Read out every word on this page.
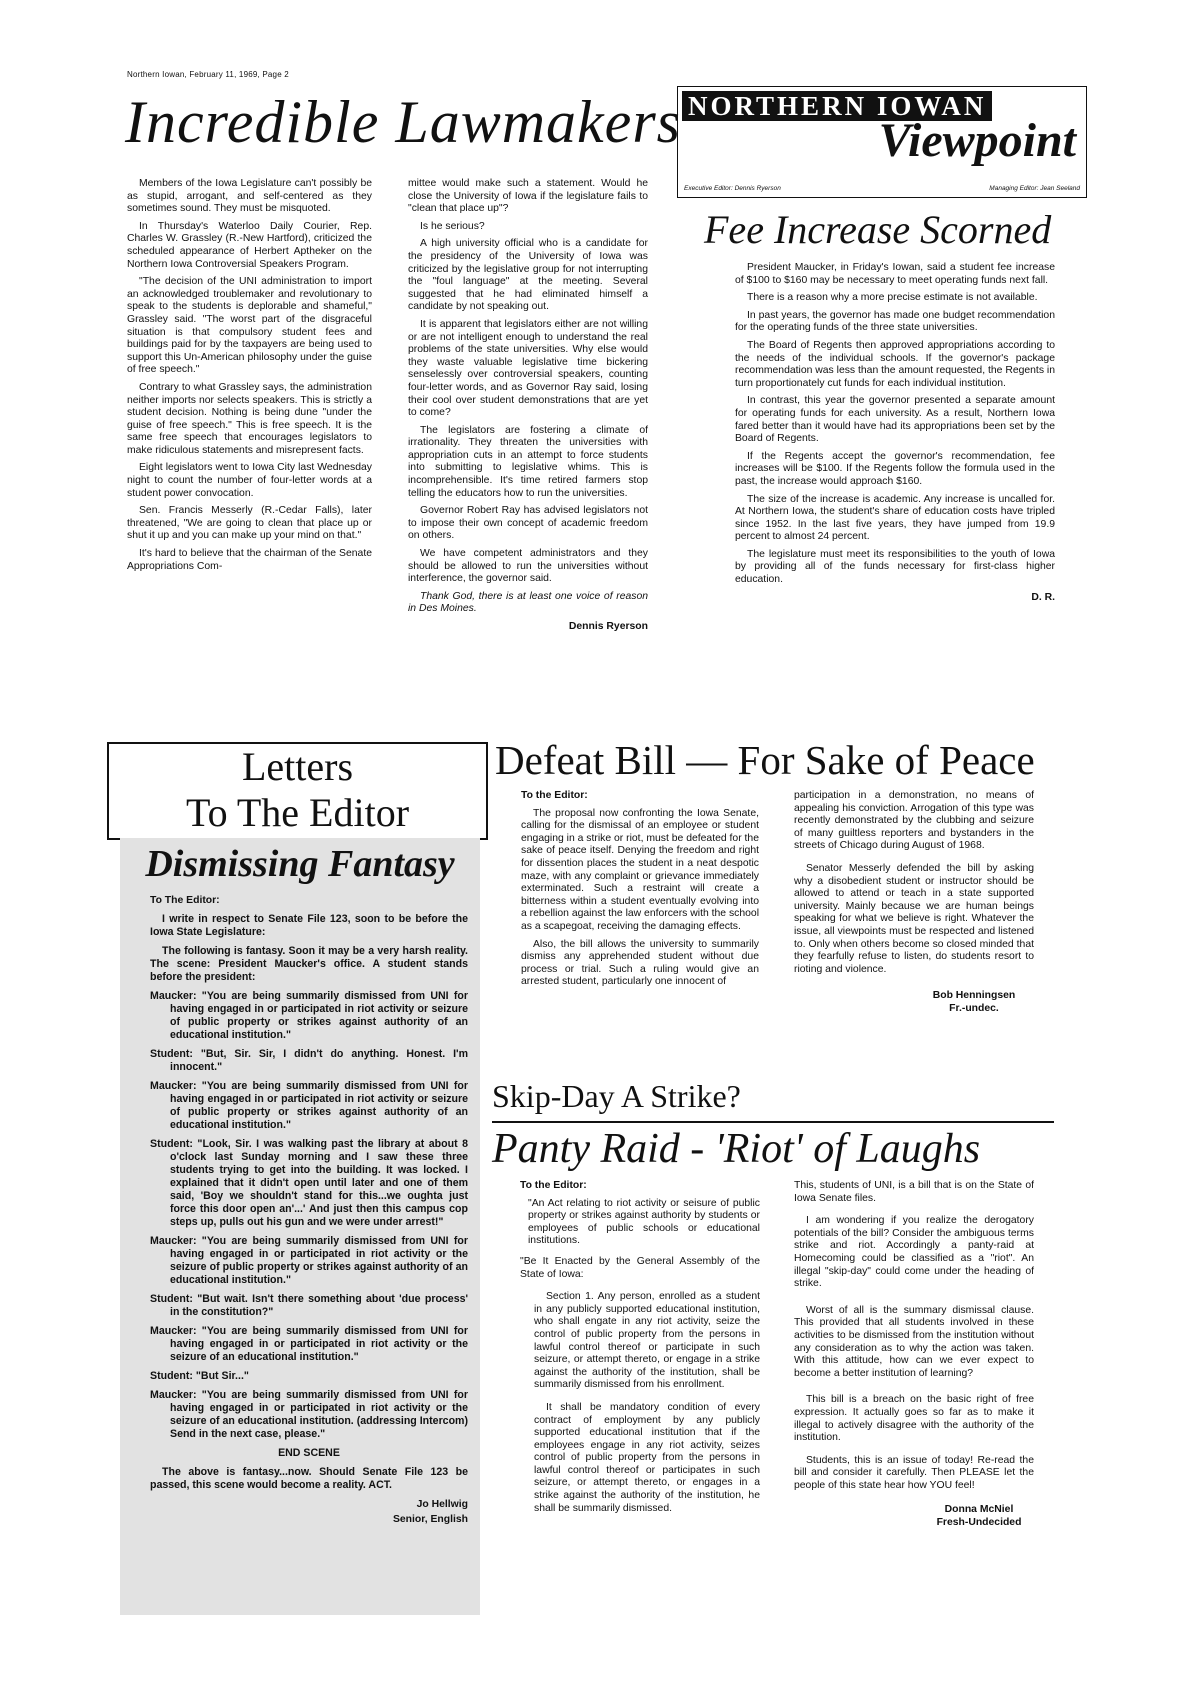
Northern Iowan, February 11, 1969, Page 2
Incredible Lawmakers

Members of the Iowa Legislature can't possibly be as stupid, arrogant, and self-centered as they sometimes sound. They must be misquoted.

In Thursday's Waterloo Daily Courier, Rep. Charles W. Grassley (R.-New Hartford), criticized the scheduled appearance of Herbert Aptheker on the Northern Iowa Controversial Speakers Program.

"The decision of the UNI administration to import an acknowledged troublemaker and revolutionary to speak to the students is deplorable and shameful," Grassley said. "The worst part of the disgraceful situation is that compulsory student fees and buildings paid for by the taxpayers are being used to support this Un-American philosophy under the guise of free speech."

Contrary to what Grassley says, the administration neither imports nor selects speakers. This is strictly a student decision. Nothing is being dune "under the guise of free speech." This is free speech. It is the same free speech that encourages legislators to make ridiculous statements and misrepresent facts.

Eight legislators went to Iowa City last Wednesday night to count the number of four-letter words at a student power convocation.

Sen. Francis Messerly (R.-Cedar Falls), later threatened, "We are going to clean that place up or shut it up and you can make up your mind on that."

It's hard to believe that the chairman of the Senate Appropriations Com-

mittee would make such a statement. Would he close the University of Iowa if the legislature fails to "clean that place up"?

Is he serious?

A high university official who is a candidate for the presidency of the University of Iowa was criticized by the legislative group for not interrupting the "foul language" at the meeting. Several suggested that he had eliminated himself a candidate by not speaking out.

It is apparent that legislators either are not willing or are not intelligent enough to understand the real problems of the state universities. Why else would they waste valuable legislative time bickering senselessly over controversial speakers, counting four-letter words, and as Governor Ray said, losing their cool over student demonstrations that are yet to come?

The legislators are fostering a climate of irrationality. They threaten the universities with appropriation cuts in an attempt to force students into submitting to legislative whims. This is incomprehensible. It's time retired farmers stop telling the educators how to run the universities.

Governor Robert Ray has advised legislators not to impose their own concept of academic freedom on others.

We have competent administrators and they should be allowed to run the universities without interference, the governor said.

Thank God, there is at least one voice of reason in Des Moines.

Dennis Ryerson
NORTHERN IOWAN
Viewpoint
Executive Editor: Dennis Ryerson	Managing Editor: Jean Seeland
Fee Increase Scorned

President Maucker, in Friday's Iowan, said a student fee increase of $100 to $160 may be necessary to meet operating funds next fall.

There is a reason why a more precise estimate is not available.

In past years, the governor has made one budget recommendation for the operating funds of the three state universities.

The Board of Regents then approved appropriations according to the needs of the individual schools. If the governor's package recommendation was less than the amount requested, the Regents in turn proportionately cut funds for each individual institution.

In contrast, this year the governor presented a separate amount for operating funds for each university. As a result, Northern Iowa fared better than it would have had its appropriations been set by the Board of Regents.

If the Regents accept the governor's recommendation, fee increases will be $100. If the Regents follow the formula used in the past, the increase would approach $160.

The size of the increase is academic. Any increase is uncalled for. At Northern Iowa, the student's share of education costs have tripled since 1952. In the last five years, they have jumped from 19.9 percent to almost 24 percent.

The legislature must meet its responsibilities to the youth of Iowa by providing all of the funds necessary for first-class higher education.

D. R.
Letters
To The Editor
Dismissing Fantasy

To The Editor:

I write in respect to Senate File 123, soon to be before the Iowa State Legislature:

The following is fantasy. Soon it may be a very harsh reality. The scene: President Maucker's office. A student stands before the president:

Maucker: "You are being summarily dismissed from UNI for having engaged in or participated in riot activity or seizure of public property or strikes against authority of an educational institution."

Student: "But, Sir. Sir, I didn't do anything. Honest. I'm innocent."

Maucker: "You are being summarily dismissed from UNI for having engaged in or participated in riot activity or seizure of public property or strikes against authority of an educational institution."

Student: "Look, Sir. I was walking past the library at about 8 o'clock last Sunday morning and I saw these three students trying to get into the building. It was locked. I explained that it didn't open until later and one of them said, 'Boy we shouldn't stand for this...we oughta just force this door open an'...' And just then this campus cop steps up, pulls out his gun and we were under arrest!"

Maucker: "You are being summarily dismissed from UNI for having engaged in or participated in riot activity or the seizure of public property or strikes against authority of an educational institution."

Student: "But wait. Isn't there something about 'due process' in the constitution?"

Maucker: "You are being summarily dismissed from UNI for having engaged in or participated in riot activity or the seizure of an educational institution."

Student: "But Sir..."

Maucker: "You are being summarily dismissed from UNI for having engaged in or participated in riot activity or the seizure of an educational institution. (addressing Intercom) Send in the next case, please."

END SCENE

The above is fantasy...now. Should Senate File 123 be passed, this scene would become a reality. ACT.

Jo Hellwig
Senior, English
Defeat Bill — For Sake of Peace

To the Editor:

The proposal now confronting the Iowa Senate, calling for the dismissal of an employee or student engaging in a strike or riot, must be defeated for the sake of peace itself. Denying the freedom and right for dissention places the student in a neat despotic maze, with any complaint or grievance immediately exterminated. Such a restraint will create a bitterness within a student eventually evolving into a rebellion against the law enforcers with the school as a scapegoat, receiving the damaging effects.

Also, the bill allows the university to summarily dismiss any apprehended student without due process or trial. Such a ruling would give an arrested student, particularly one innocent of

participation in a demonstration, no means of appealing his conviction. Arrogation of this type was recently demonstrated by the clubbing and seizure of many guiltless reporters and bystanders in the streets of Chicago during August of 1968.

Senator Messerly defended the bill by asking why a disobedient student or instructor should be allowed to attend or teach in a state supported university. Mainly because we are human beings speaking for what we believe is right. Whatever the issue, all viewpoints must be respected and listened to. Only when others become so closed minded that they fearfully refuse to listen, do students resort to rioting and violence.

Bob Henningsen
Fr.-undec.
Skip-Day A Strike?
Panty Raid - 'Riot' of Laughs

To the Editor:

"An Act relating to riot activity or seisure of public property or strikes against authority by students or employees of public schools or educational institutions.

"Be It Enacted by the General Assembly of the State of Iowa:

Section 1. Any person, enrolled as a student in any publicly supported educational institution, who shall engate in any riot activity, seize the control of public property from the persons in lawful control thereof or participate in such seizure, or attempt thereto, or engage in a strike against the authority of the institution, shall be summarily dismissed from his enrollment.

It shall be mandatory condition of every contract of employment by any publicly supported educational institution that if the employees engage in any riot activity, seizes control of public property from the persons in lawful control thereof or participates in such seizure, or attempt thereto, or engages in a strike against the authority of the institution, he shall be summarily dismissed.

This, students of UNI, is a bill that is on the State of Iowa Senate files.

I am wondering if you realize the derogatory potentials of the bill? Consider the ambiguous terms strike and riot. Accordingly a panty-raid at Homecoming could be classified as a "riot". An illegal "skip-day" could come under the heading of strike.

Worst of all is the summary dismissal clause. This provided that all students involved in these activities to be dismissed from the institution without any consideration as to why the action was taken. With this attitude, how can we ever expect to become a better institution of learning?

This bill is a breach on the basic right of free expression. It actually goes so far as to make it illegal to actively disagree with the authority of the institution.

Students, this is an issue of today! Re-read the bill and consider it carefully. Then PLEASE let the people of this state hear how YOU feel!

Donna McNiel
Fresh-Undecided
